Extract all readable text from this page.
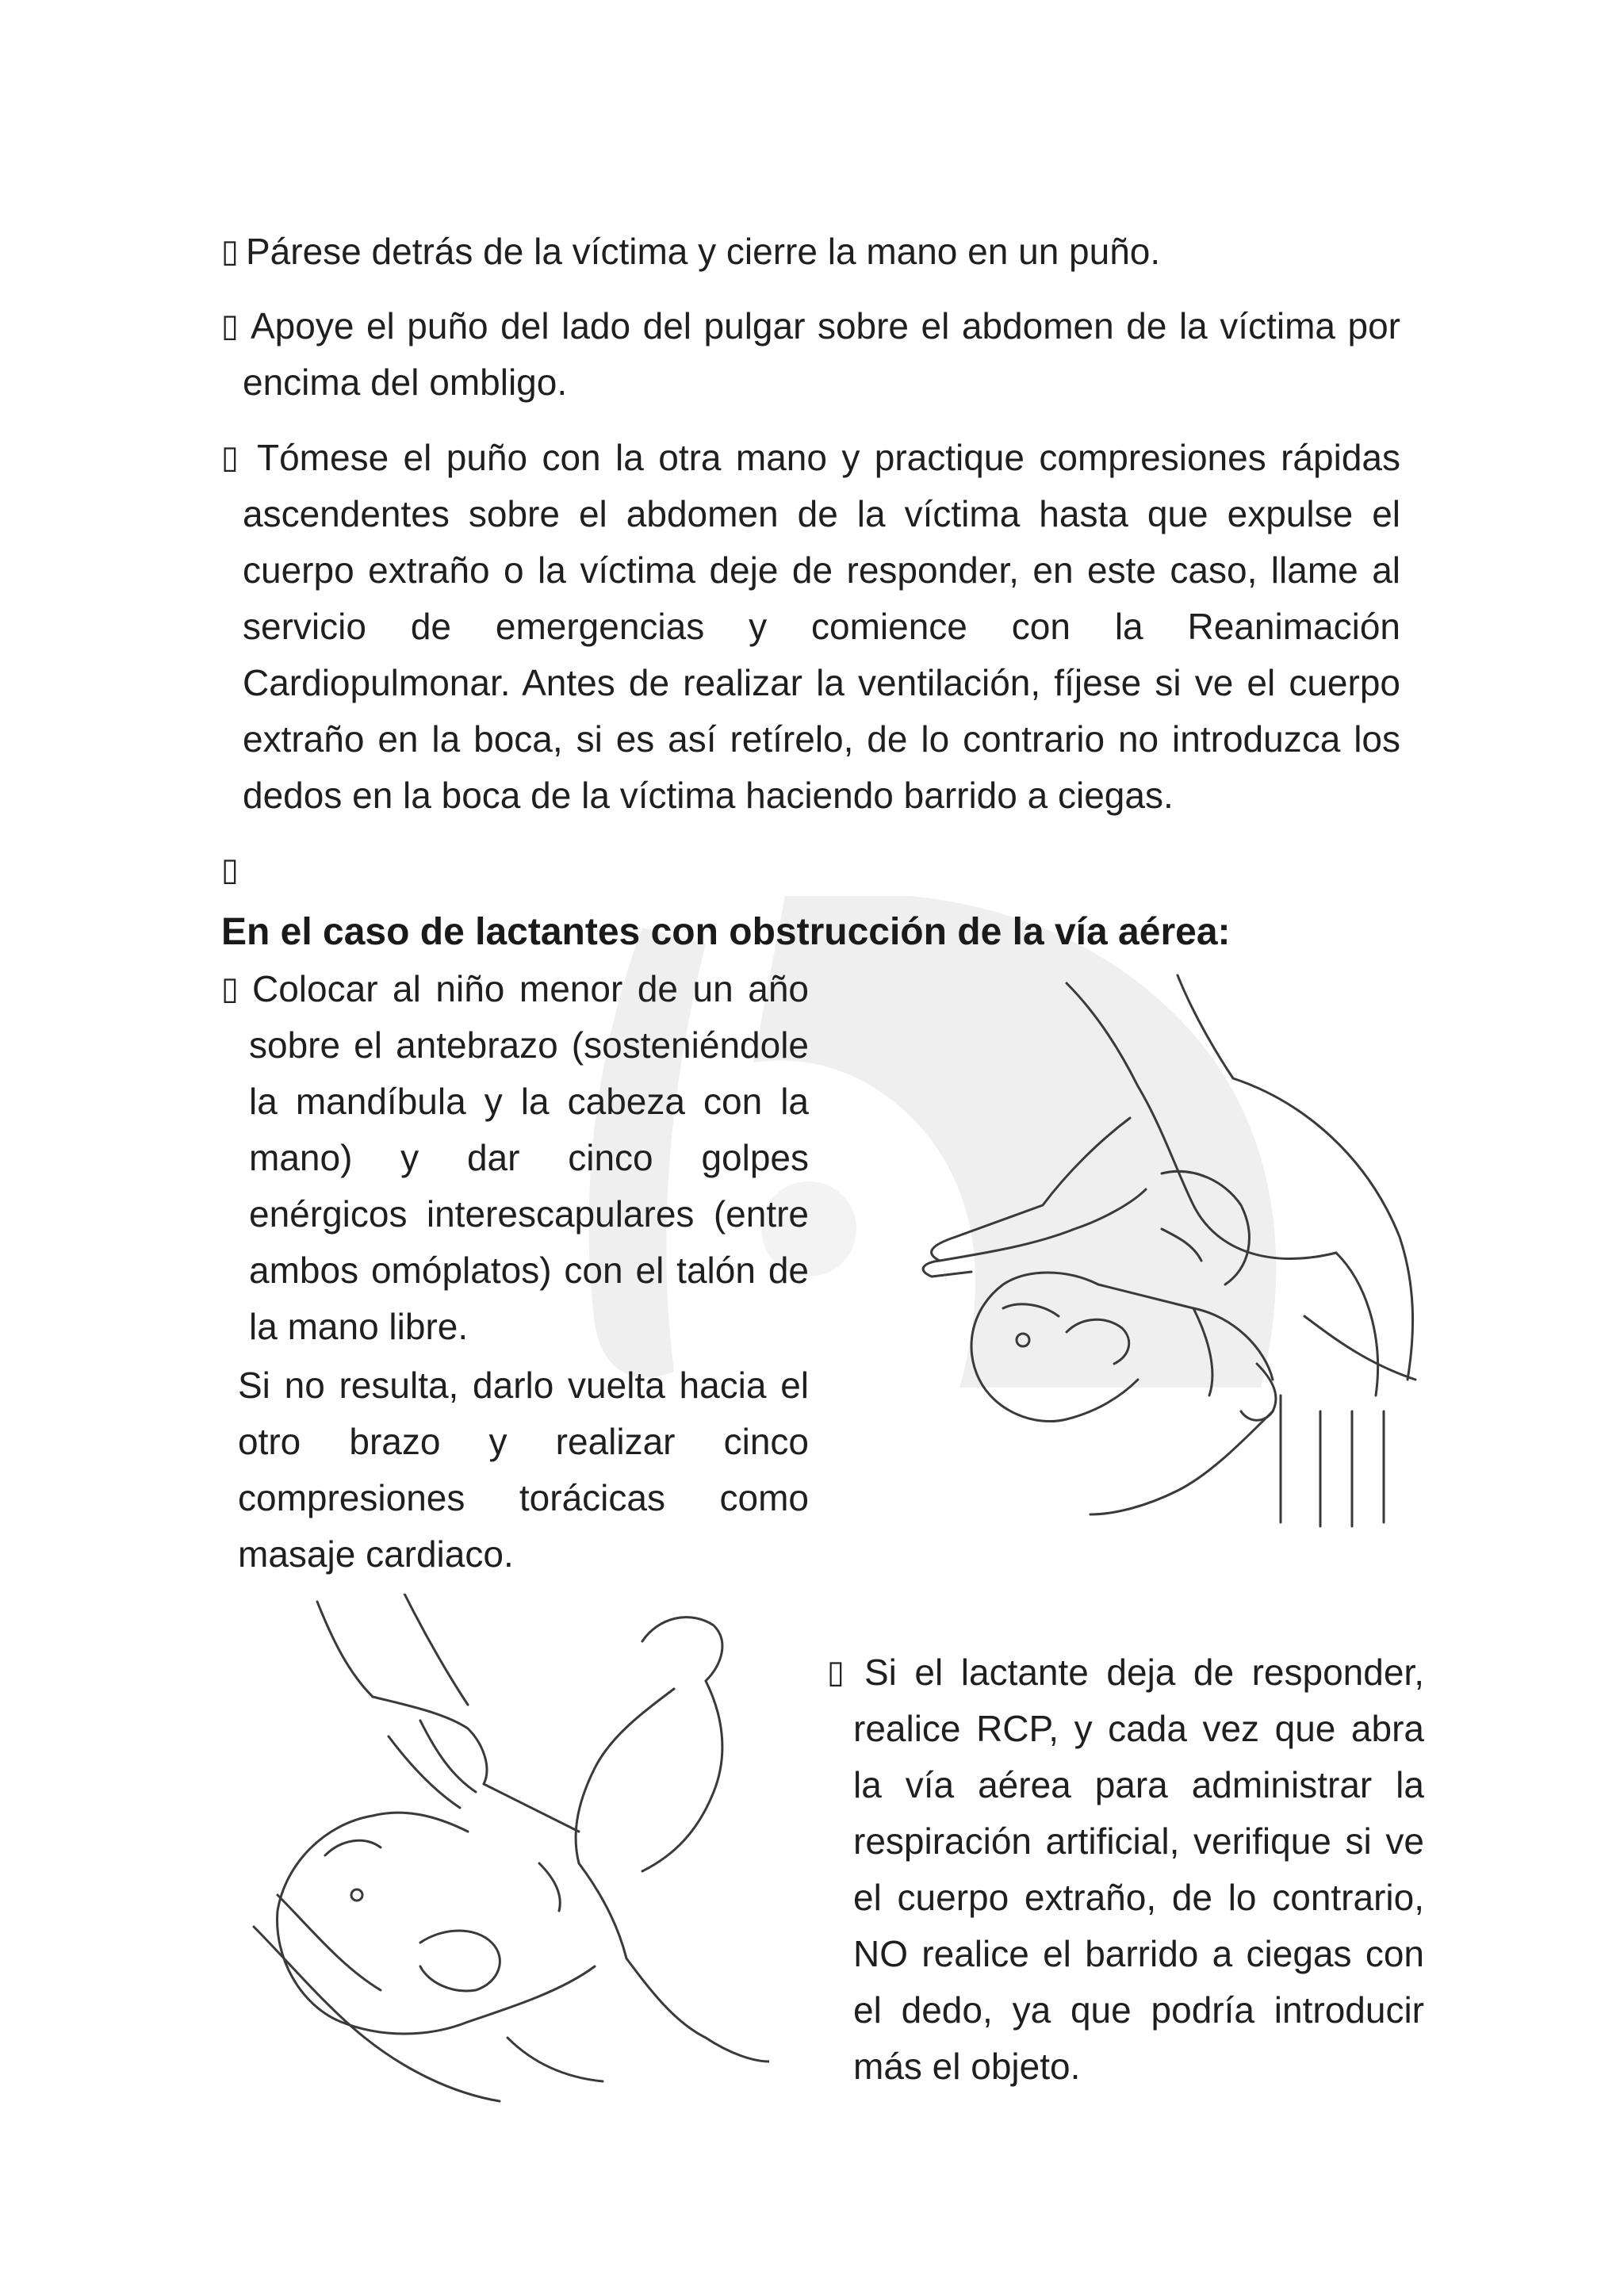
▯ Párese detrás de la víctima y cierre la mano en un puño.

▯ Apoye el puño del lado del pulgar sobre el abdomen de la víctima por encima del ombligo.

▯ Tómese el puño con la otra mano y practique compresiones rápidas ascendentes sobre el abdomen de la víctima hasta que expulse el cuerpo extraño o la víctima deje de responder, en este caso, llame al servicio de emergencias y comience con la Reanimación Cardiopulmonar. Antes de realizar la ventilación, fíjese si ve el cuerpo extraño en la boca, si es así retírelo, de lo contrario no introduzca los dedos en la boca de la víctima haciendo barrido a ciegas.

▯
En el caso de lactantes con obstrucción de la vía aérea:
▯ Colocar al niño menor de un año sobre el antebrazo (sosteniéndole la mandíbula y la cabeza con la mano) y dar cinco golpes enérgicos interescapulares (entre ambos omóplatos) con el talón de la mano libre.

Si no resulta, darlo vuelta hacia el otro brazo y realizar cinco compresiones torácicas como masaje cardiaco.

▯ Si el lactante deja de responder, realice RCP, y cada vez que abra la vía aérea para administrar la respiración artificial, verifique si ve el cuerpo extraño, de lo contrario, NO realice el barrido a ciegas con el dedo, ya que podría introducir más el objeto.
